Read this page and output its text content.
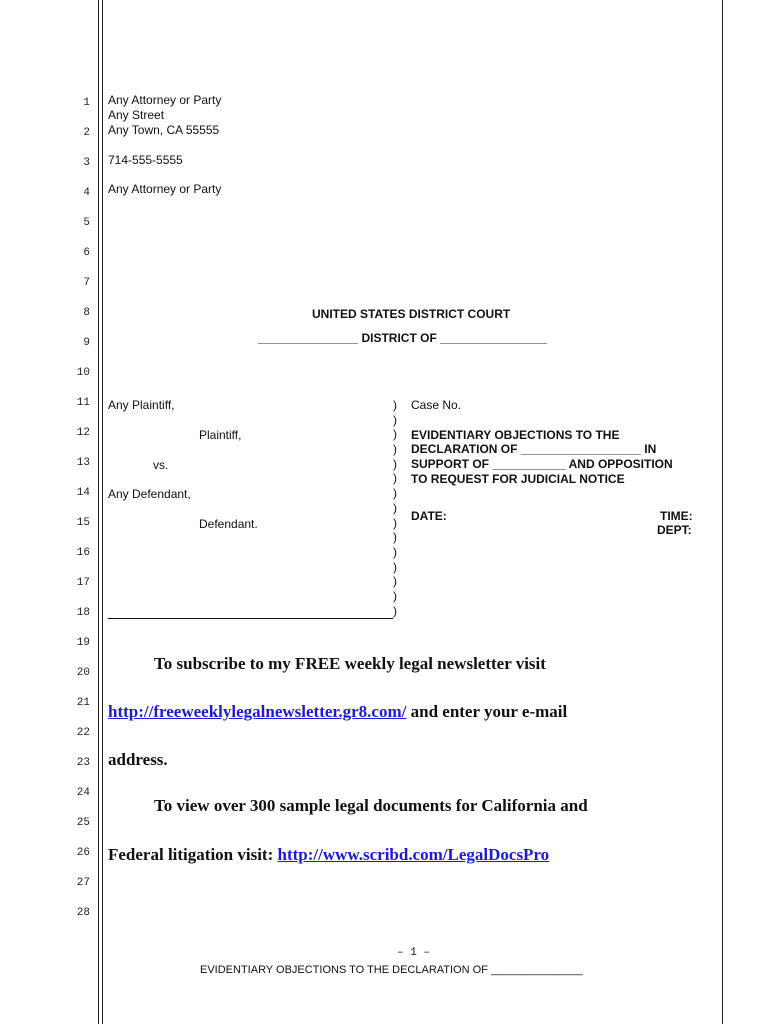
1
2
3
4
5
6
7
8
9
10
11
12
13
14
15
16
17
18
19
20
21
22
23
24
25
26
27
28
Any Attorney or Party
Any Street
Any Town, CA 55555
714-555-5555
Any Attorney or Party
UNITED STATES DISTRICT COURT
_______________ DISTRICT OF ________________
Any Plaintiff,
Plaintiff,
vs.
Any Defendant,
Defendant.
)
)
)
)
)
)
)
)
)
)
)
)
)
)
)
Case No.
EVIDENTIARY OBJECTIONS TO THE
DECLARATION OF __________________ IN
SUPPORT OF ___________ AND OPPOSITION
TO REQUEST FOR JUDICIAL NOTICE
DATE:	TIME:
DEPT:
To subscribe to my FREE weekly legal newsletter visit
http://freeweeklylegalnewsletter.gr8.com/ and enter your e-mail
address.
To view over 300 sample legal documents for California and
Federal litigation visit: http://www.scribd.com/LegalDocsPro
– 1 –
EVIDENTIARY OBJECTIONS TO THE DECLARATION OF _______________
